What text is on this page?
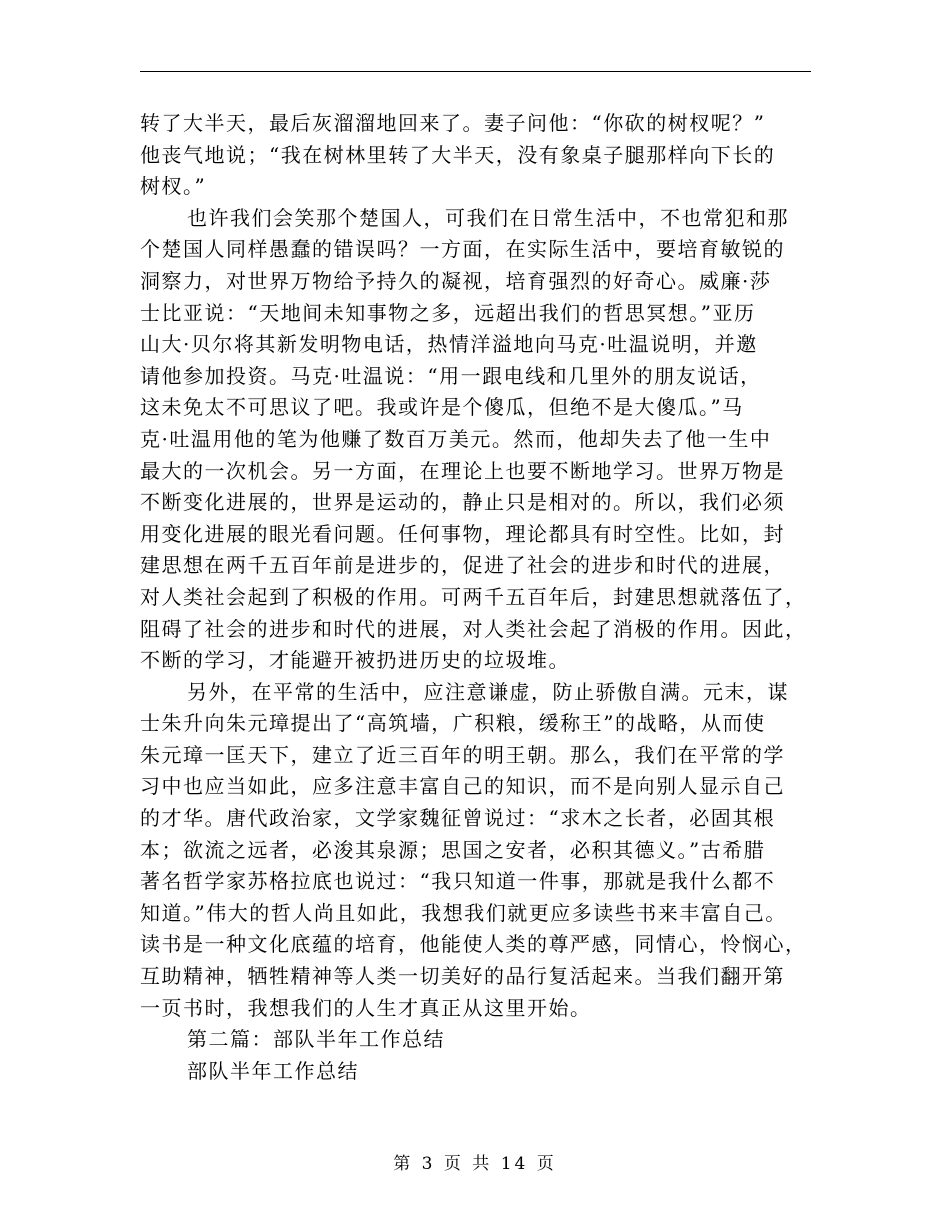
转了大半天，最后灰溜溜地回来了。妻子问他：“你砍的树杈呢？”
他丧气地说；“我在树林里转了大半天，没有象桌子腿那样向下长的
树杈。”
也许我们会笑那个楚国人，可我们在日常生活中，不也常犯和那
个楚国人同样愚蠢的错误吗？一方面，在实际生活中，要培育敏锐的
洞察力，对世界万物给予持久的凝视，培育强烈的好奇心。威廉·莎
士比亚说：“天地间未知事物之多，远超出我们的哲思冥想。”亚历
山大·贝尔将其新发明物电话，热情洋溢地向马克·吐温说明，并邀
请他参加投资。马克·吐温说：“用一跟电线和几里外的朋友说话，
这未免太不可思议了吧。我或许是个傻瓜，但绝不是大傻瓜。”马
克·吐温用他的笔为他赚了数百万美元。然而，他却失去了他一生中
最大的一次机会。另一方面，在理论上也要不断地学习。世界万物是
不断变化进展的，世界是运动的，静止只是相对的。所以，我们必须
用变化进展的眼光看问题。任何事物，理论都具有时空性。比如，封
建思想在两千五百年前是进步的，促进了社会的进步和时代的进展，
对人类社会起到了积极的作用。可两千五百年后，封建思想就落伍了，
阻碍了社会的进步和时代的进展，对人类社会起了消极的作用。因此，
不断的学习，才能避开被扔进历史的垃圾堆。
另外，在平常的生活中，应注意谦虚，防止骄傲自满。元末，谋
士朱升向朱元璋提出了“高筑墙，广积粮，缓称王”的战略，从而使
朱元璋一匡天下，建立了近三百年的明王朝。那么，我们在平常的学
习中也应当如此，应多注意丰富自己的知识，而不是向别人显示自己
的才华。唐代政治家，文学家魏征曾说过：“求木之长者，必固其根
本；欲流之远者，必浚其泉源；思国之安者，必积其德义。”古希腊
著名哲学家苏格拉底也说过：“我只知道一件事，那就是我什么都不
知道。”伟大的哲人尚且如此，我想我们就更应多读些书来丰富自己。
读书是一种文化底蕴的培育，他能使人类的尊严感，同情心，怜悯心，
互助精神，牺牲精神等人类一切美好的品行复活起来。当我们翻开第
一页书时，我想我们的人生才真正从这里开始。
第二篇：部队半年工作总结
部队半年工作总结
第 3 页 共 14 页
